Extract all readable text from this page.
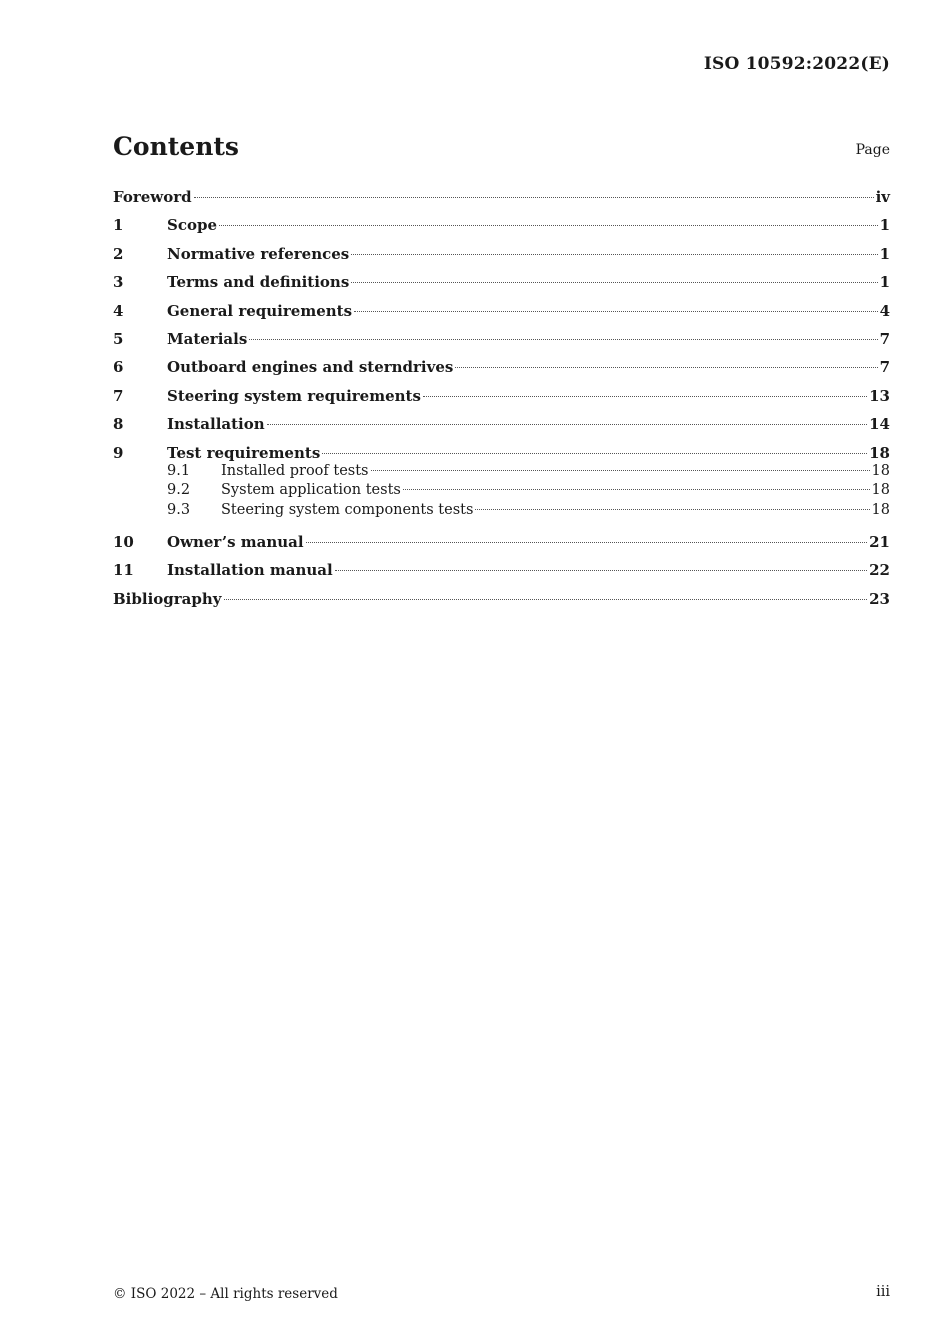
ISO 10592:2022(E)
Contents	Page
Foreword	iv
1	Scope	1
2	Normative references	1
3	Terms and definitions	1
4	General requirements	4
5	Materials	7
6	Outboard engines and sterndrives	7
7	Steering system requirements	13
8	Installation	14
9	Test requirements	18
9.1	Installed proof tests	18
9.2	System application tests	18
9.3	Steering system components tests	18
10	Owner’s manual	21
11	Installation manual	22
Bibliography	23
© ISO 2022 – All rights reserved	iii
